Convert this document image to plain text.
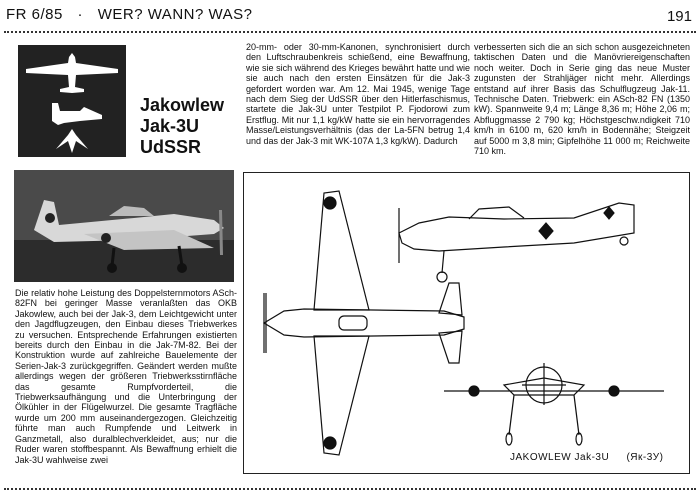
FR 6/85 · WER? WANN? WAS?	191
Jakowlew
Jak-3U
UdSSR
Die relativ hohe Leistung des Doppelsternmotors ASch-82FN bei geringer Masse veranlaßten das OKB Jakowlew, auch bei der Jak-3, dem Leichtgewicht unter den Jagdflugzeugen, den Einbau dieses Triebwerkes zu versuchen. Entsprechende Erfahrungen existierten bereits durch den Einbau in die Jak-7M-82. Bei der Konstruktion wurde auf zahlreiche Bauelemente der Serien-Jak-3 zurückgegriffen. Geändert werden mußte allerdings wegen der größeren Triebwerksstirnfläche das gesamte Rumpfvorderteil, die Triebwerksaufhängung und die Unterbringung der Ölkühler in der Flügelwurzel. Die gesamte Tragfläche wurde um 200 mm auseinandergezogen. Gleichzeitig führte man auch Rumpfende und Leitwerk in Ganzmetall, also duralblechverkleidet, aus; nur die Ruder waren stoffbespannt. Als Bewaffnung erhielt die Jak-3U wahlweise zwei
20-mm- oder 30-mm-Kanonen, synchronisiert durch den Luftschraubenkreis schießend, eine Bewaffnung, wie sie sich während des Krieges bewährt hatte und wie sie auch nach den ersten Einsätzen für die Jak-3 gefordert worden war. Am 12. Mai 1945, wenige Tage nach dem Sieg der UdSSR über den Hitlerfaschismus, startete die Jak-3U unter Testpilot P. Fjodorowi zum Erstflug. Mit nur 1,1 kg/kW hatte sie ein hervorragendes Masse/Leistungsverhältnis (das der La-5FN betrug 1,4 und das der Jak-3 mit WK-107A 1,3 kg/kW). Dadurch
verbesserten sich die an sich schon ausgezeichneten taktischen Daten und die Manövriereigenschaften noch weiter. Doch in Serie ging das neue Muster zugunsten der Strahljäger nicht mehr. Allerdings entstand auf ihrer Basis das Schulflugzeug Jak-11. Technische Daten. Triebwerk: ein ASch-82 FN (1350 kW). Spannweite 9,4 m; Länge 8,36 m; Höhe 2,06 m; Abfluggmasse 2 790 kg; Höchstgeschw.ndigkeit 710 km/h in 6100 m, 620 km/h in Bodennähe; Steigzeit auf 5000 m 3,8 min; Gipfelhöhe 11 000 m; Reichweite 710 km.
JAKOWLEW Jak-3U (Як-3У)
